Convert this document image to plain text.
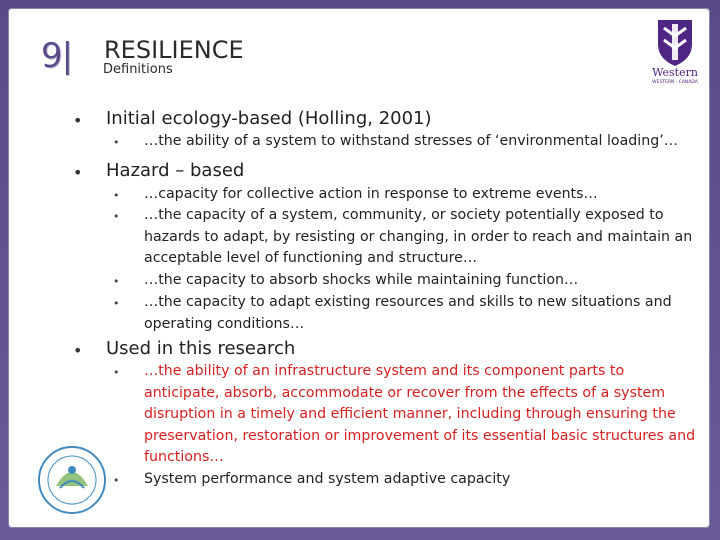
9| RESILIENCE
Definitions	Western
WESTERN · CANADA
• Initial ecology-based (Holling, 2001)
• …the ability of a system to withstand stresses of ‘environmental loading’…
• Hazard – based
• …capacity for collective action in response to extreme events…
• …the capacity of a system, community, or society potentially exposed to hazards to adapt, by resisting or changing, in order to reach and maintain an acceptable level of functioning and structure…
• …the capacity to absorb shocks while maintaining function…
• …the capacity to adapt existing resources and skills to new situations and operating conditions…
• Used in this research
• …the ability of an infrastructure system and its component parts to anticipate, absorb, accommodate or recover from the effects of a system disruption in a timely and efficient manner, including through ensuring the preservation, restoration or improvement of its essential basic structures and functions…
• System performance and system adaptive capacity
